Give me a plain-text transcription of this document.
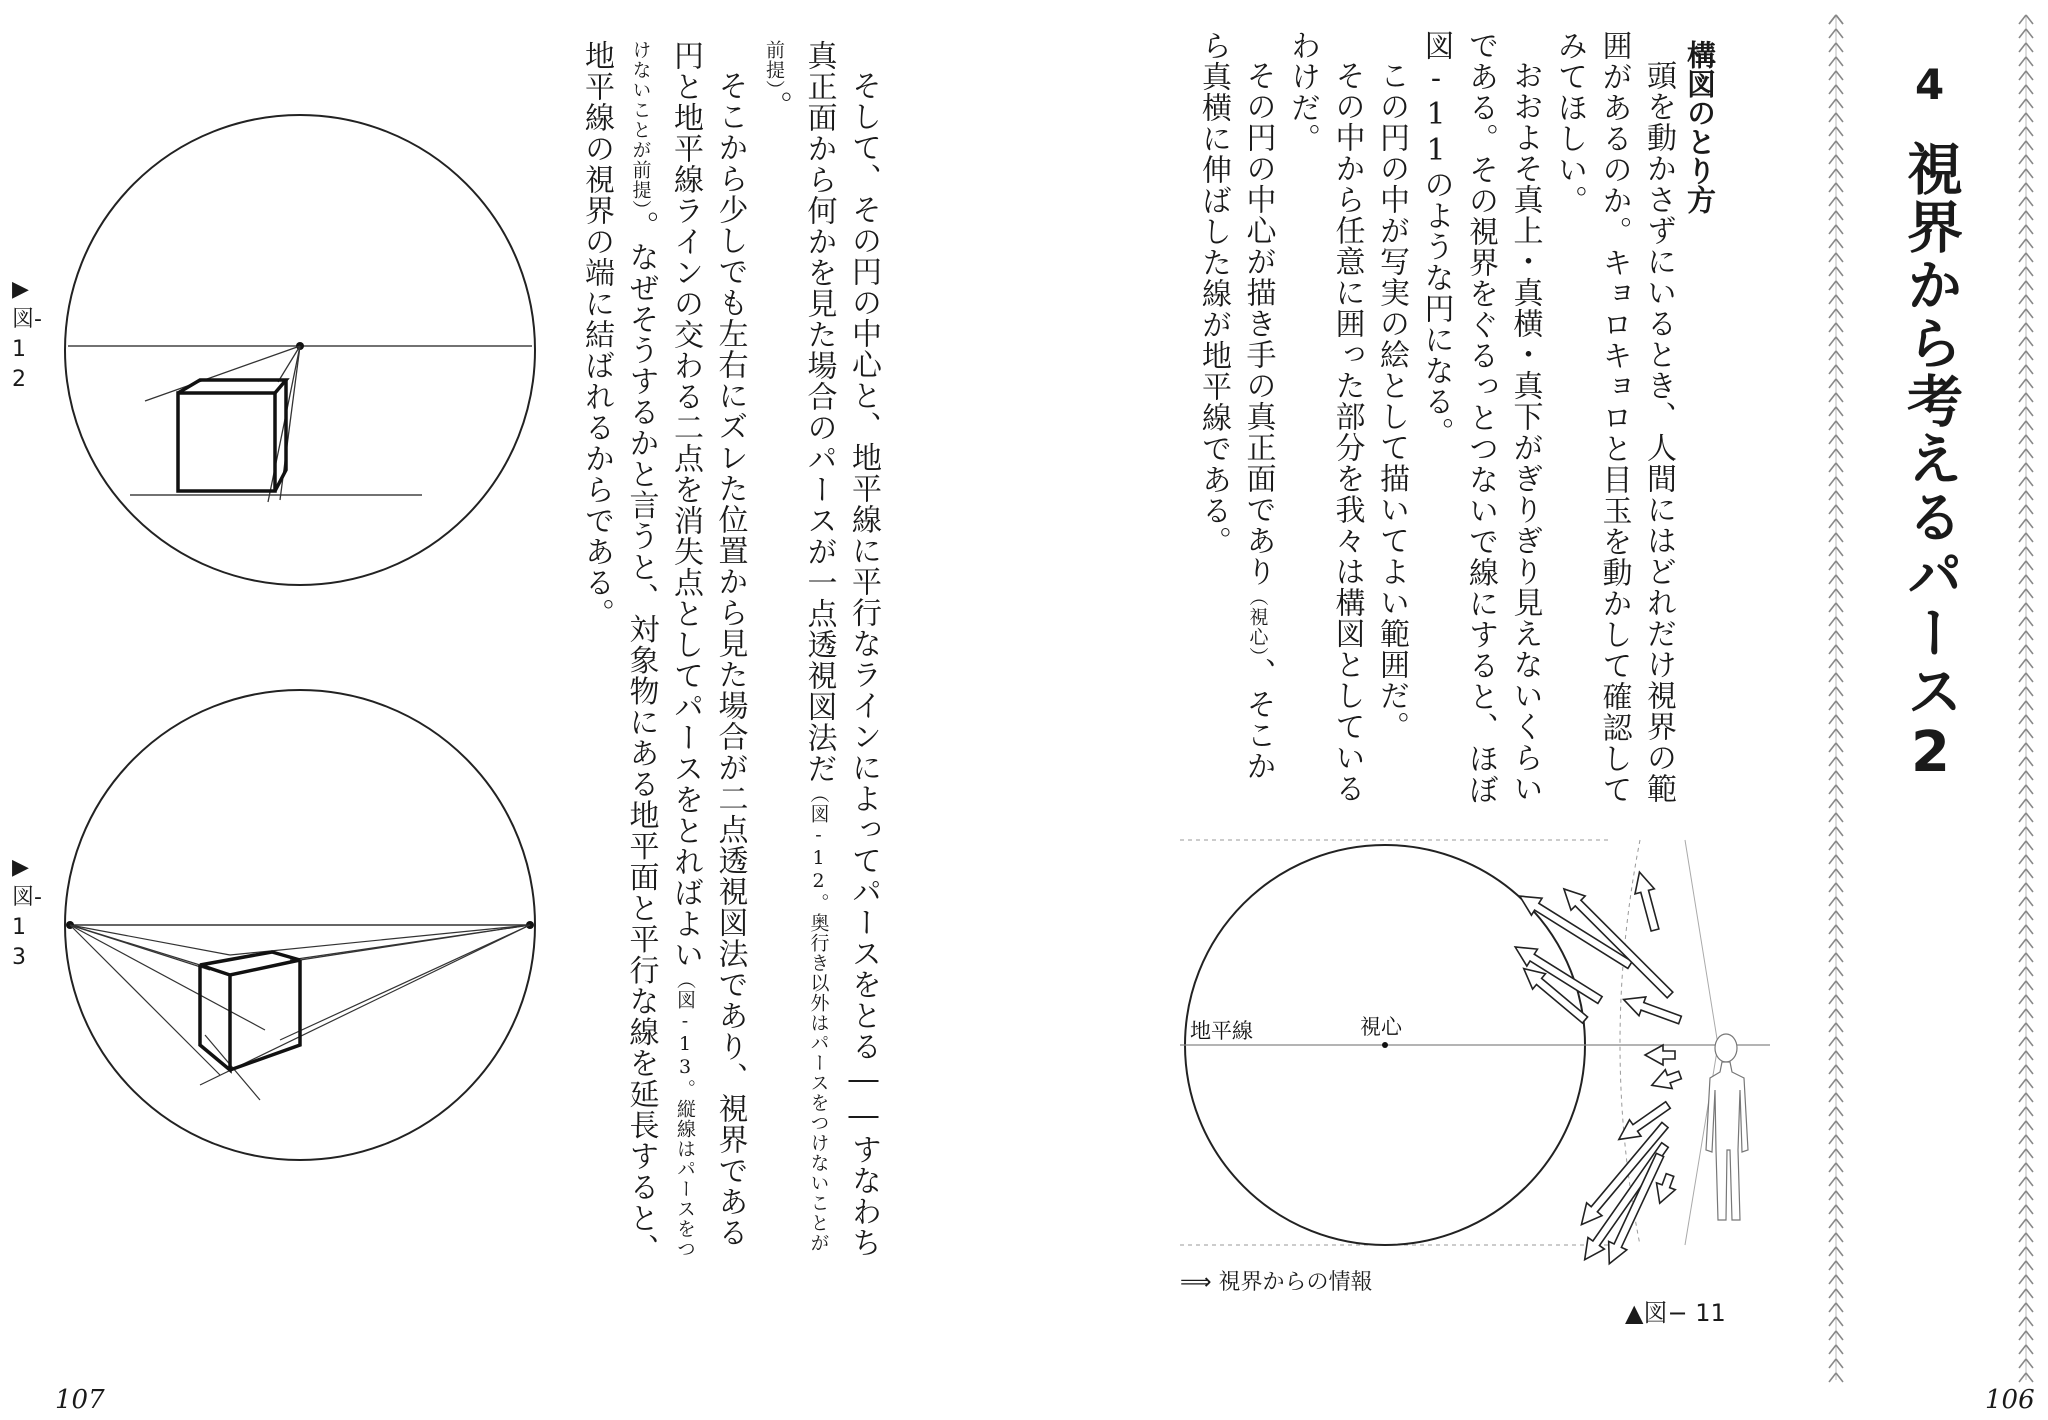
4
視界から考えるパース2
構図のとり方

頭を動かさずにいるとき、人間にはどれだけ視界の範囲があるのか。キョロキョロと目玉を動かして確認してみてほしい。

おおよそ真上・真横・真下がぎりぎり見えないくらいである。その視界をぐるっとつないで線にすると、ほぼ図‐11のような円になる。

この円の中が写実の絵として描いてよい範囲だ。

その中から任意に囲った部分を我々は構図としているわけだ。

その円の中心が描き手の真正面であり（視心）、そこから真横に伸ばした線が地平線である。

地平線	視心
⟹ 視界からの情報
▲図− 11
106

そして、その円の中心と、地平線に平行なラインによってパースをとる――すなわち真正面から何かを見た場合のパースが一点透視図法だ（図‐12。奥行き以外はパースをつけないことが前提）。

そこから少しでも左右にズレた位置から見た場合が二点透視図法であり、視界である円と地平線ラインの交わる二点を消失点としてパースをとればよい（図‐13。縦線はパースをつけないことが前提）。なぜそうするかと言うと、対象物にある地平面と平行な線を延長すると、地平線の視界の端に結ばれるからである。

▶図‐12
▶図‐13
107
